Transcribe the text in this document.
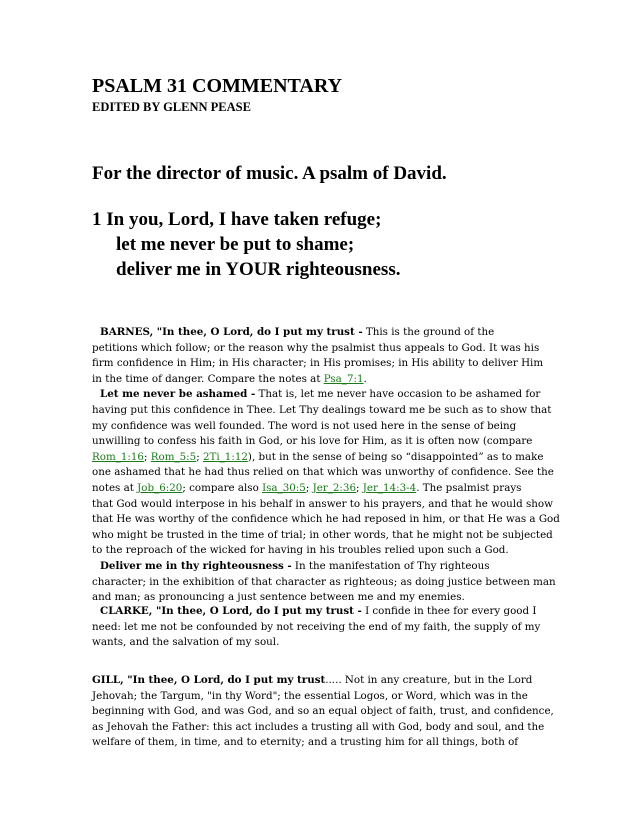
PSALM 31 COMMENTARY
EDITED BY GLENN PEASE
For the director of music. A psalm of David.
1 In you, Lord, I have taken refuge;
let me never be put to shame;
deliver me in YOUR righteousness.
BARNES, "In thee, O Lord, do I put my trust - This is the ground of the
petitions which follow; or the reason why the psalmist thus appeals to God. It was his
firm confidence in Him; in His character; in His promises; in His ability to deliver Him
in the time of danger. Compare the notes at Psa_7:1.
Let me never be ashamed - That is, let me never have occasion to be ashamed for
having put this confidence in Thee. Let Thy dealings toward me be such as to show that
my confidence was well founded. The word is not used here in the sense of being
unwilling to confess his faith in God, or his love for Him, as it is often now (compare
Rom_1:16; Rom_5:5; 2Ti_1:12), but in the sense of being so “disappointed” as to make
one ashamed that he had thus relied on that which was unworthy of confidence. See the
notes at Job_6:20; compare also Isa_30:5; Jer_2:36; Jer_14:3-4. The psalmist prays
that God would interpose in his behalf in answer to his prayers, and that he would show
that He was worthy of the confidence which he had reposed in him, or that He was a God
who might be trusted in the time of trial; in other words, that he might not be subjected
to the reproach of the wicked for having in his troubles relied upon such a God.
Deliver me in thy righteousness - In the manifestation of Thy righteous
character; in the exhibition of that character as righteous; as doing justice between man
and man; as pronouncing a just sentence between me and my enemies.
CLARKE, "In thee, O Lord, do I put my trust - I confide in thee for every good I
need: let me not be confounded by not receiving the end of my faith, the supply of my
wants, and the salvation of my soul.
GILL, "In thee, O Lord, do I put my trust..... Not in any creature, but in the Lord
Jehovah; the Targum, "in thy Word"; the essential Logos, or Word, which was in the
beginning with God, and was God, and so an equal object of faith, trust, and confidence,
as Jehovah the Father: this act includes a trusting all with God, body and soul, and the
welfare of them, in time, and to eternity; and a trusting him for all things, both of
